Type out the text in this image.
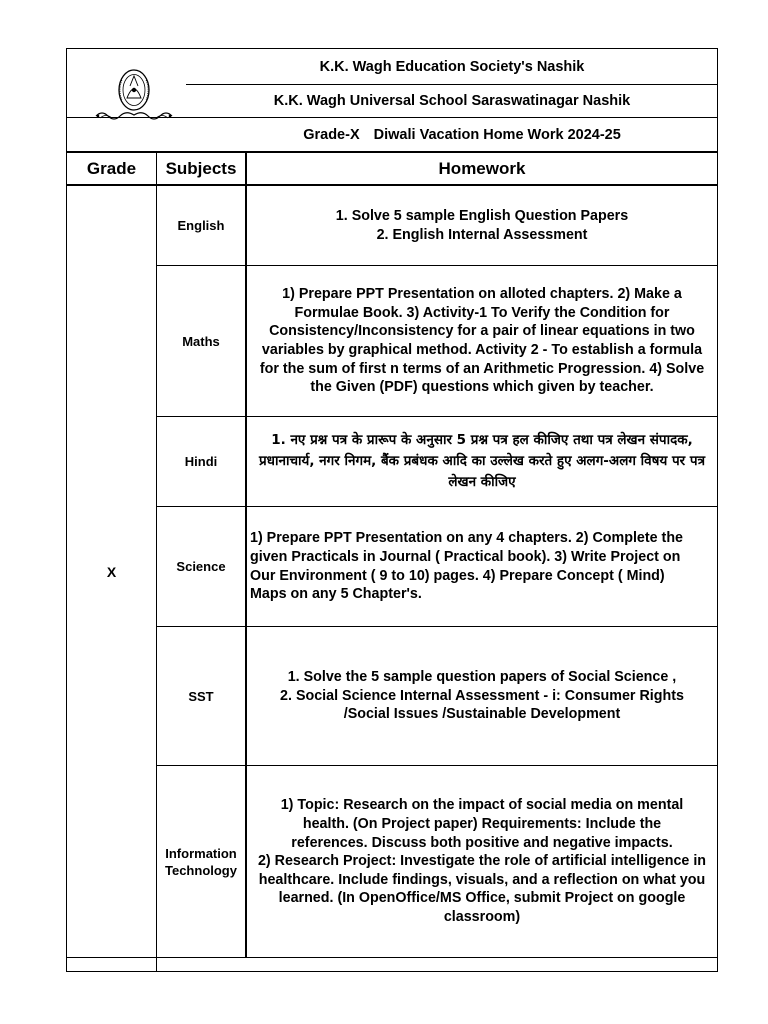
K.K. Wagh Education Society's Nashik
K.K. Wagh Universal School Saraswatinagar Nashik
Grade-X Diwali Vacation Home Work 2024-25
Grade	Subjects	Homework
X
English
1. Solve 5 sample English Question Papers
2. English Internal Assessment
Maths
1) Prepare PPT Presentation on alloted chapters. 2) Make a Formulae Book. 3) Activity-1 To Verify the Condition for Consistency/Inconsistency for a pair of linear equations in two variables by graphical method. Activity 2 - To establish a formula for the sum of first n terms of an Arithmetic Progression. 4) Solve the Given (PDF) questions which given by teacher.
Hindi
1. नए प्रश्न पत्र के प्रारूप के अनुसार 5 प्रश्न पत्र हल कीजिए तथा पत्र लेखन संपादक, प्रधानाचार्य, नगर निगम, बैंक प्रबंधक आदि का उल्लेख करते हुए अलग-अलग विषय पर पत्र लेखन कीजिए
Science
1) Prepare PPT Presentation on any 4 chapters. 2) Complete the given Practicals in Journal ( Practical book). 3) Write Project on Our Environment ( 9 to 10) pages. 4) Prepare Concept ( Mind) Maps on any 5 Chapter's.
SST
1. Solve the 5 sample question papers of Social Science ,
2. Social Science Internal Assessment - i: Consumer Rights /Social Issues /Sustainable Development
Information Technology
1) Topic: Research on the impact of social media on mental health. (On Project paper) Requirements: Include the references. Discuss both positive and negative impacts.
2) Research Project: Investigate the role of artificial intelligence in healthcare. Include findings, visuals, and a reflection on what you learned. (In OpenOffice/MS Office, submit Project on google classroom)
